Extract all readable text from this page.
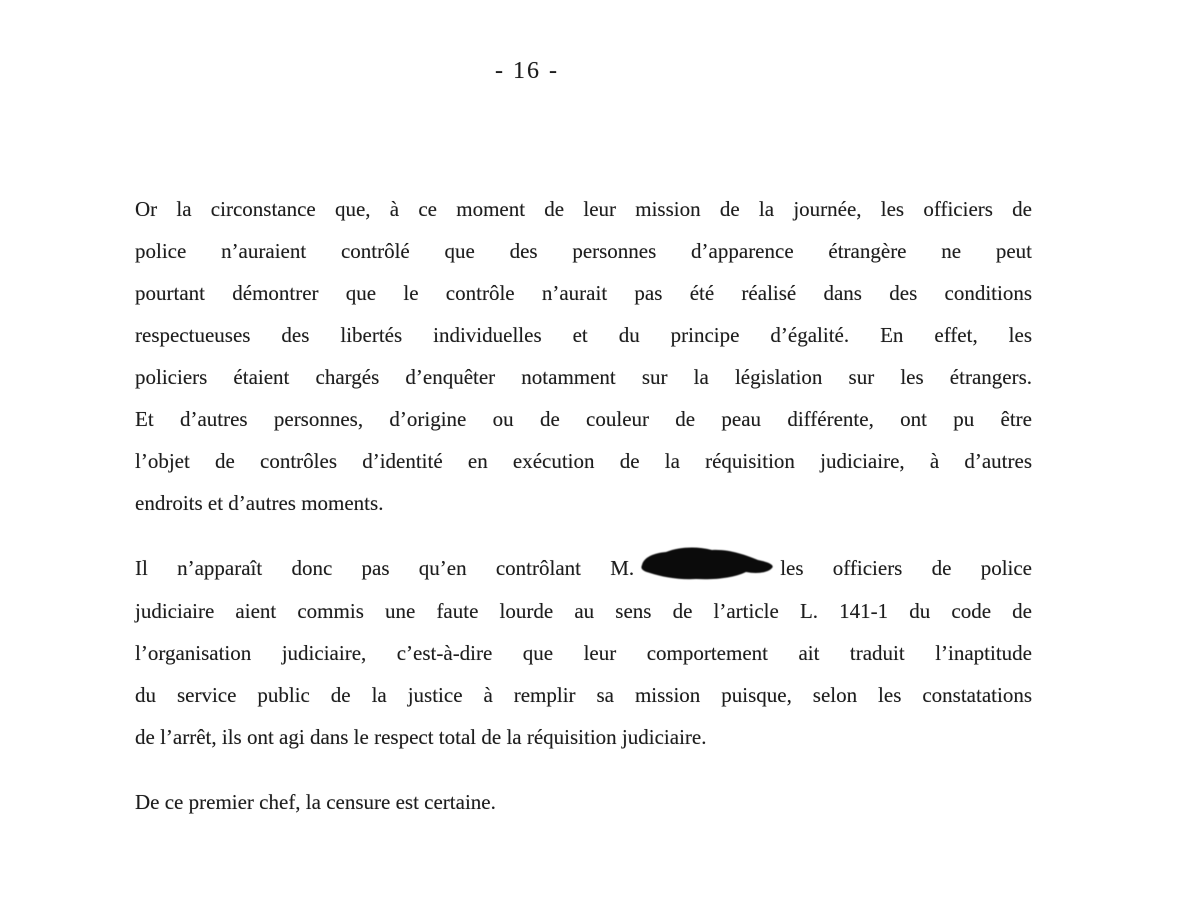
- 16 -
Or la circonstance que, à ce moment de leur mission de la journée, les officiers de
police n’auraient contrôlé que des personnes d’apparence étrangère ne peut
pourtant démontrer que le contrôle n’aurait pas été réalisé dans des conditions
respectueuses des libertés individuelles et du principe d’égalité. En effet, les
policiers étaient chargés d’enquêter notamment sur la législation sur les étrangers.
Et d’autres personnes, d’origine ou de couleur de peau différente, ont pu être
l’objet de contrôles d’identité en exécution de la réquisition judiciaire, à d’autres
endroits et d’autres moments.
Il n’apparaît donc pas qu’en contrôlant M.	les officiers de police
judiciaire aient commis une faute lourde au sens de l’article L. 141-1 du code de
l’organisation judiciaire, c’est-à-dire que leur comportement ait traduit l’inaptitude
du service public de la justice à remplir sa mission puisque, selon les constatations
de l’arrêt, ils ont agi dans le respect total de la réquisition judiciaire.
De ce premier chef, la censure est certaine.
